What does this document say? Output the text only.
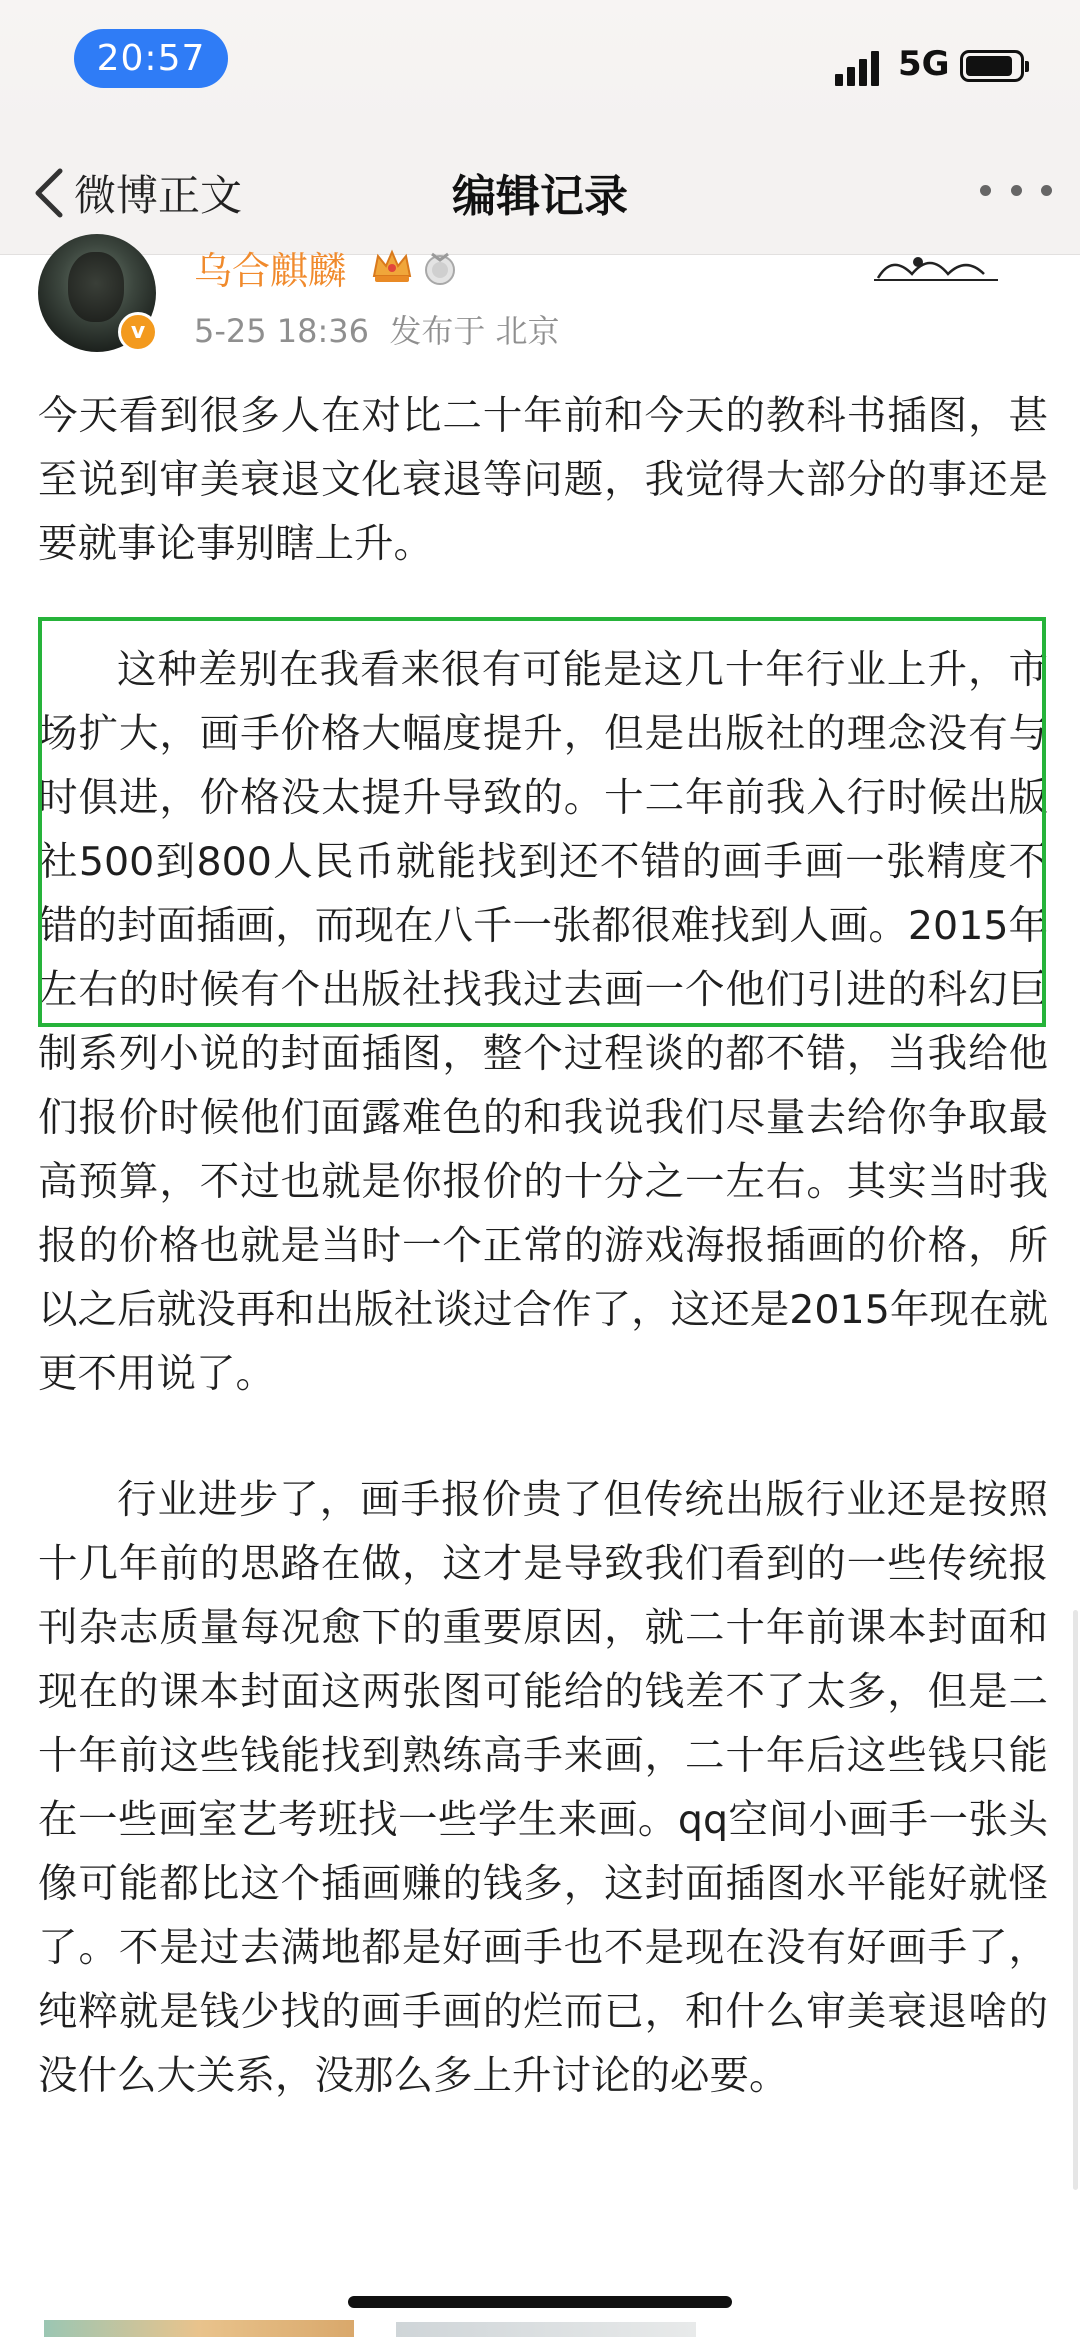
20:57	5G
微博正文	编辑记录
v
乌合麒麟
5-25 18:36 发布于 北京

今天看到很多人在对比二十年前和今天的教科书插图，甚至说到审美衰退文化衰退等问题，我觉得大部分的事还是要就事论事别瞎上升。

这种差别在我看来很有可能是这几十年行业上升，市场扩大，画手价格大幅度提升，但是出版社的理念没有与时俱进，价格没太提升导致的。十二年前我入行时候出版社500到800人民币就能找到还不错的画手画一张精度不错的封面插画，而现在八千一张都很难找到人画。2015年左右的时候有个出版社找我过去画一个他们引进的科幻巨制系列小说的封面插图，整个过程谈的都不错，当我给他们报价时候他们面露难色的和我说我们尽量去给你争取最高预算，不过也就是你报价的十分之一左右。其实当时我报的价格也就是当时一个正常的游戏海报插画的价格，所以之后就没再和出版社谈过合作了，这还是2015年现在就更不用说了。

行业进步了，画手报价贵了但传统出版行业还是按照十几年前的思路在做，这才是导致我们看到的一些传统报刊杂志质量每况愈下的重要原因，就二十年前课本封面和现在的课本封面这两张图可能给的钱差不了太多，但是二十年前这些钱能找到熟练高手来画，二十年后这些钱只能在一些画室艺考班找一些学生来画。qq空间小画手一张头像可能都比这个插画赚的钱多，这封面插图水平能好就怪了。不是过去满地都是好画手也不是现在没有好画手了，纯粹就是钱少找的画手画的烂而已，和什么审美衰退啥的没什么大关系，没那么多上升讨论的必要。
